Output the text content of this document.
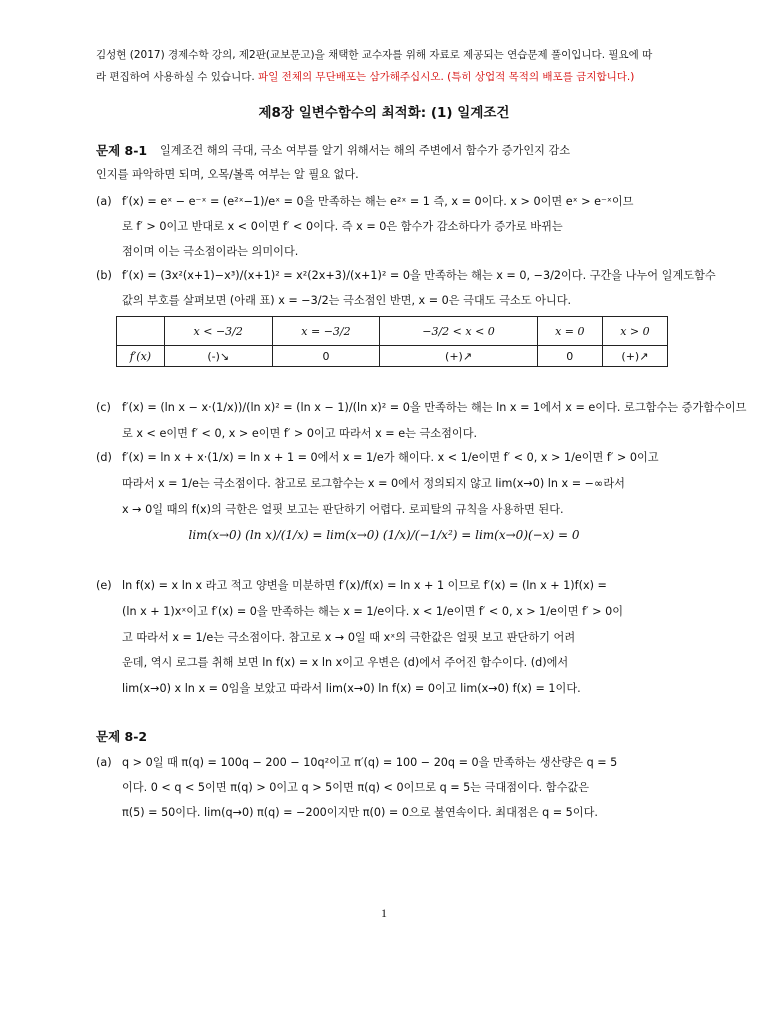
김성현 (2017) 경제수학 강의, 제2판(교보문고)을 채택한 교수자를 위해 자료로 제공되는 연습문제 풀이입니다. 필요에 따
라 편집하여 사용하실 수 있습니다. 파일 전체의 무단배포는 삼가해주십시오. (특히 상업적 목적의 배포를 금지합니다.)
제8장 일변수함수의 최적화: (1) 일계조건
문제 8-1 일계조건 해의 극대, 극소 여부를 알기 위해서는 해의 주변에서 함수가 증가인지 감소
인지를 파악하면 되며, 오목/볼록 여부는 알 필요 없다.
(a) f′(x) = eˣ − e⁻ˣ = (e²ˣ−1)/eˣ = 0을 만족하는 해는 e²ˣ = 1 즉, x = 0이다. x > 0이면 eˣ > e⁻ˣ이므
로 f′ > 0이고 반대로 x < 0이면 f′ < 0이다. 즉 x = 0은 함수가 감소하다가 증가로 바뀌는
점이며 이는 극소점이라는 의미이다.
(b) f′(x) = (3x²(x+1)−x³)/(x+1)² = x²(2x+3)/(x+1)² = 0을 만족하는 해는 x = 0, −3/2이다. 구간을 나누어 일계도함수
값의 부호를 살펴보면 (아래 표) x = −3/2는 극소점인 반면, x = 0은 극대도 극소도 아니다.
	x < −3/2	x = −3/2	−3/2 < x < 0	x = 0	x > 0
f′(x)	(-)↘	0	(+)↗	0	(+)↗
(c) f′(x) = (ln x − x·(1/x))/(ln x)² = (ln x − 1)/(ln x)² = 0을 만족하는 해는 ln x = 1에서 x = e이다. 로그함수는 증가함수이므
로 x < e이면 f′ < 0, x > e이면 f′ > 0이고 따라서 x = e는 극소점이다.
(d) f′(x) = ln x + x·(1/x) = ln x + 1 = 0에서 x = 1/e가 해이다. x < 1/e이면 f′ < 0, x > 1/e이면 f′ > 0이고
따라서 x = 1/e는 극소점이다. 참고로 로그함수는 x = 0에서 정의되지 않고 lim(x→0) ln x = −∞라서
x → 0일 때의 f(x)의 극한은 얼핏 보고는 판단하기 어렵다. 로피탈의 규칙을 사용하면 된다.
lim(x→0) (ln x)/(1/x) = lim(x→0) (1/x)/(−1/x²) = lim(x→0)(−x) = 0
(e) ln f(x) = x ln x 라고 적고 양변을 미분하면 f′(x)/f(x) = ln x + 1 이므로 f′(x) = (ln x + 1)f(x) =
(ln x + 1)xˣ이고 f′(x) = 0을 만족하는 해는 x = 1/e이다. x < 1/e이면 f′ < 0, x > 1/e이면 f′ > 0이
고 따라서 x = 1/e는 극소점이다. 참고로 x → 0일 때 xˣ의 극한값은 얼핏 보고 판단하기 어려
운데, 역시 로그를 취해 보면 ln f(x) = x ln x이고 우변은 (d)에서 주어진 함수이다. (d)에서
lim(x→0) x ln x = 0임을 보았고 따라서 lim(x→0) ln f(x) = 0이고 lim(x→0) f(x) = 1이다.
문제 8-2
(a) q > 0일 때 π(q) = 100q − 200 − 10q²이고 π′(q) = 100 − 20q = 0을 만족하는 생산량은 q = 5
이다. 0 < q < 5이면 π(q) > 0이고 q > 5이면 π(q) < 0이므로 q = 5는 극대점이다. 함수값은
π(5) = 50이다. lim(q→0) π(q) = −200이지만 π(0) = 0으로 불연속이다. 최대점은 q = 5이다.
1
